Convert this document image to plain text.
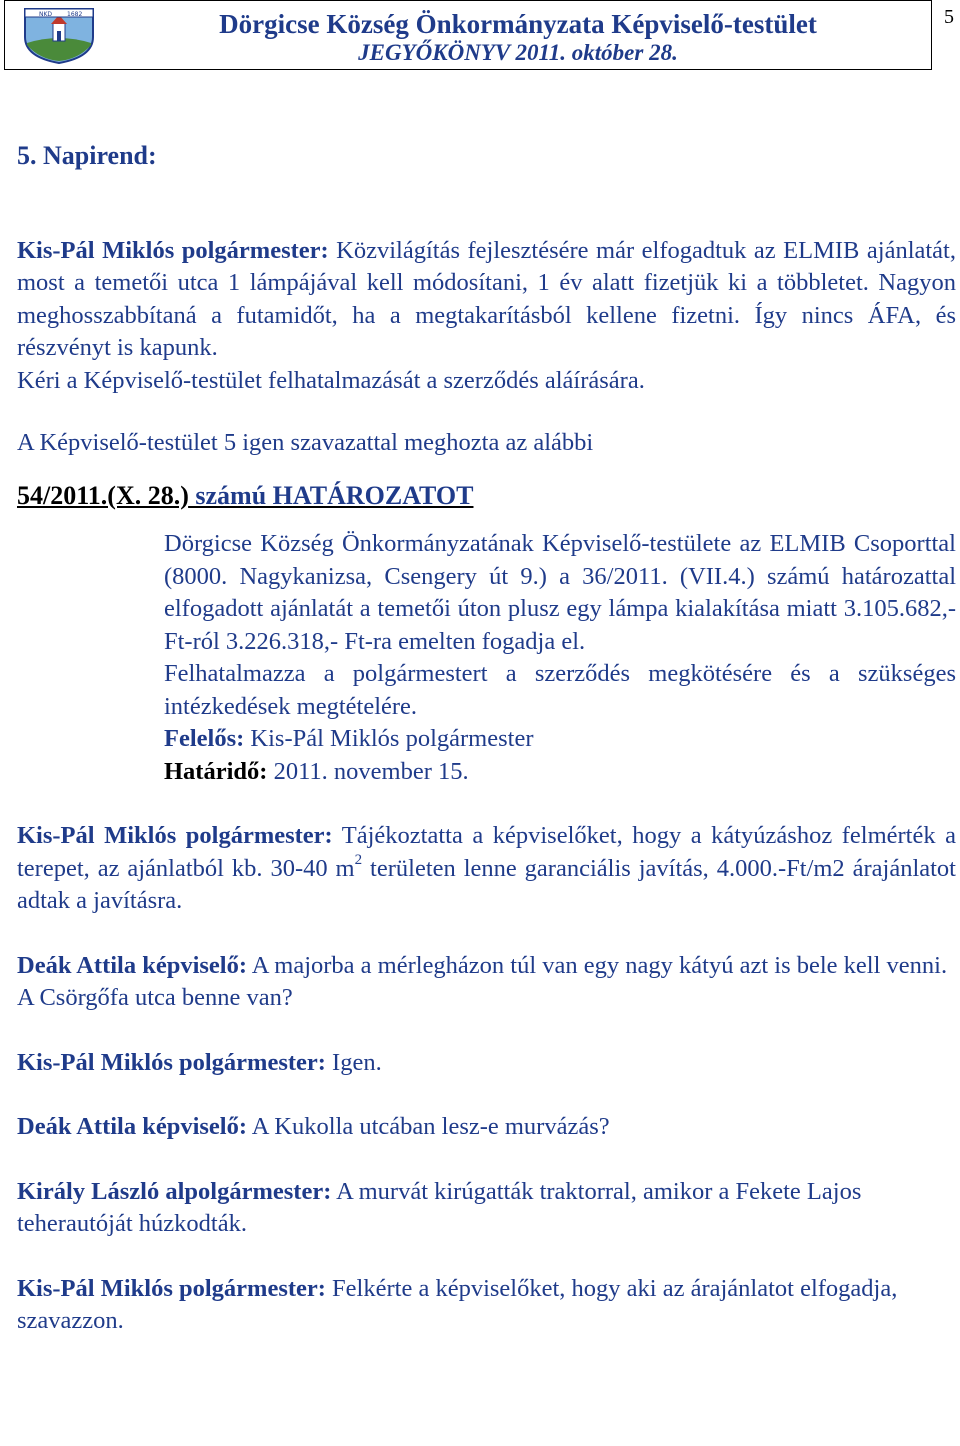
NKD 1682	Dörgicse Község Önkormányzata Képviselő-testület
JEGYŐKÖNYV 2011. október 28.
5

5. Napirend:

Kis-Pál Miklós polgármester: Közvilágítás fejlesztésére már elfogadtuk az ELMIB ajánlatát, most a temetői utca 1 lámpájával kell módosítani, 1 év alatt fizetjük ki a többletet. Nagyon meghosszabbítaná a futamidőt, ha a megtakarításból kellene fizetni. Így nincs ÁFA, és részvényt is kapunk.

Kéri a Képviselő-testület felhatalmazását a szerződés aláírására.

A Képviselő-testület 5 igen szavazattal meghozta az alábbi

54/2011.(X. 28.) számú HATÁROZATOT

Dörgicse Község Önkormányzatának Képviselő-testülete az ELMIB Csoporttal (8000. Nagykanizsa, Csengery út 9.) a 36/2011. (VII.4.) számú határozattal elfogadott ajánlatát a temetői úton plusz egy lámpa kialakítása miatt 3.105.682,- Ft-ról 3.226.318,- Ft-ra emelten fogadja el.

Felhatalmazza a polgármestert a szerződés megkötésére és a szükséges intézkedések megtételére.

Felelős: Kis-Pál Miklós polgármester

Határidő: 2011. november 15.

Kis-Pál Miklós polgármester: Tájékoztatta a képviselőket, hogy a kátyúzáshoz felmérték a terepet, az ajánlatból kb. 30-40 $m^2$ területen lenne garanciális javítás, 4.000.-Ft/m2 árajánlatot adtak a javításra.

Deák Attila képviselő: A majorba a mérlegházon túl van egy nagy kátyú azt is bele kell venni. A Csörgőfa utca benne van?

Kis-Pál Miklós polgármester: Igen.

Deák Attila képviselő: A Kukolla utcában lesz-e murvázás?

Király László alpolgármester: A murvát kirúgatták traktorral, amikor a Fekete Lajos teherautóját húzkodták.

Kis-Pál Miklós polgármester: Felkérte a képviselőket, hogy aki az árajánlatot elfogadja, szavazzon.
